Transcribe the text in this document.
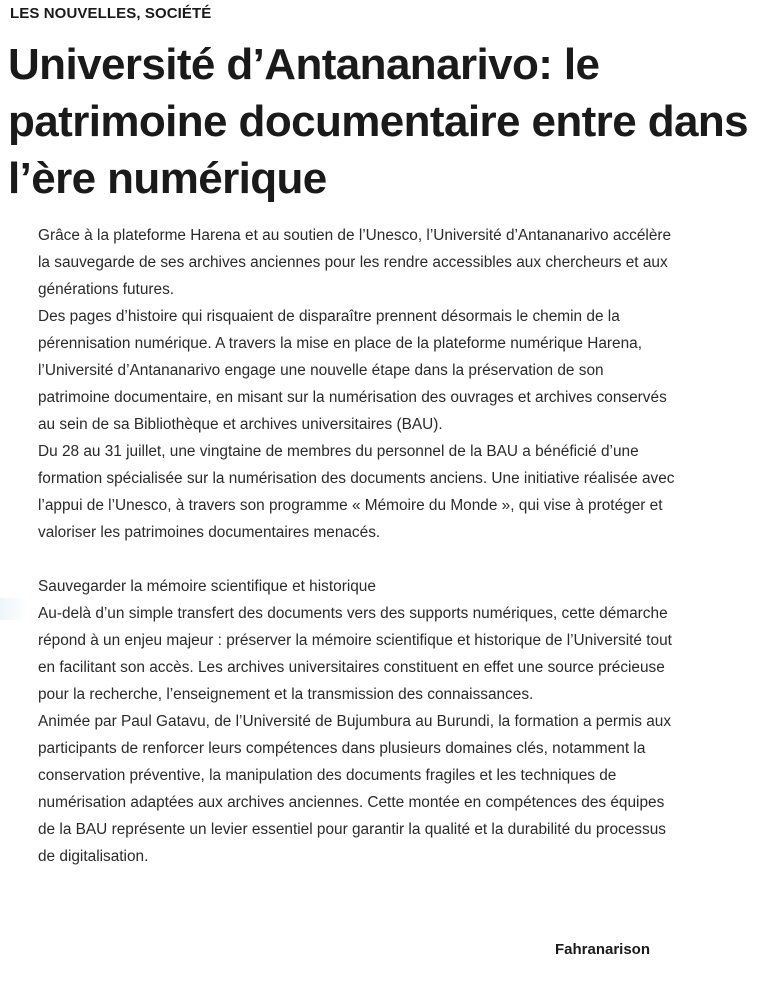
LES NOUVELLES, SOCIÉTÉ
Université d’Antananarivo: le patrimoine documentaire entre dans l’ère numérique

Grâce à la plateforme Harena et au soutien de l’Unesco, l’Université d’Antananarivo accélère la sauvegarde de ses archives anciennes pour les rendre accessibles aux chercheurs et aux générations futures.

Des pages d’histoire qui risquaient de disparaître prennent désormais le chemin de la pérennisation numérique. A travers la mise en place de la plateforme numérique Harena, l’Université d’Antananarivo engage une nouvelle étape dans la préservation de son patrimoine documentaire, en misant sur la numérisation des ouvrages et archives conservés au sein de sa Bibliothèque et archives universitaires (BAU).

Du 28 au 31 juillet, une vingtaine de membres du personnel de la BAU a bénéficié d’une formation spécialisée sur la numérisation des documents anciens. Une initiative réalisée avec l’appui de l’Unesco, à travers son programme « Mémoire du Monde », qui vise à protéger et valoriser les patrimoines documentaires menacés.

Sauvegarder la mémoire scientifique et historique

Au-delà d’un simple transfert des documents vers des supports numériques, cette démarche répond à un enjeu majeur : préserver la mémoire scientifique et historique de l’Université tout en facilitant son accès. Les archives universitaires constituent en effet une source précieuse pour la recherche, l’enseignement et la transmission des connaissances.

Animée par Paul Gatavu, de l’Université de Bujumbura au Burundi, la formation a permis aux participants de renforcer leurs compétences dans plusieurs domaines clés, notamment la conservation préventive, la manipulation des documents fragiles et les techniques de numérisation adaptées aux archives anciennes. Cette montée en compétences des équipes de la BAU représente un levier essentiel pour garantir la qualité et la durabilité du processus de digitalisation.

Fahranarison
